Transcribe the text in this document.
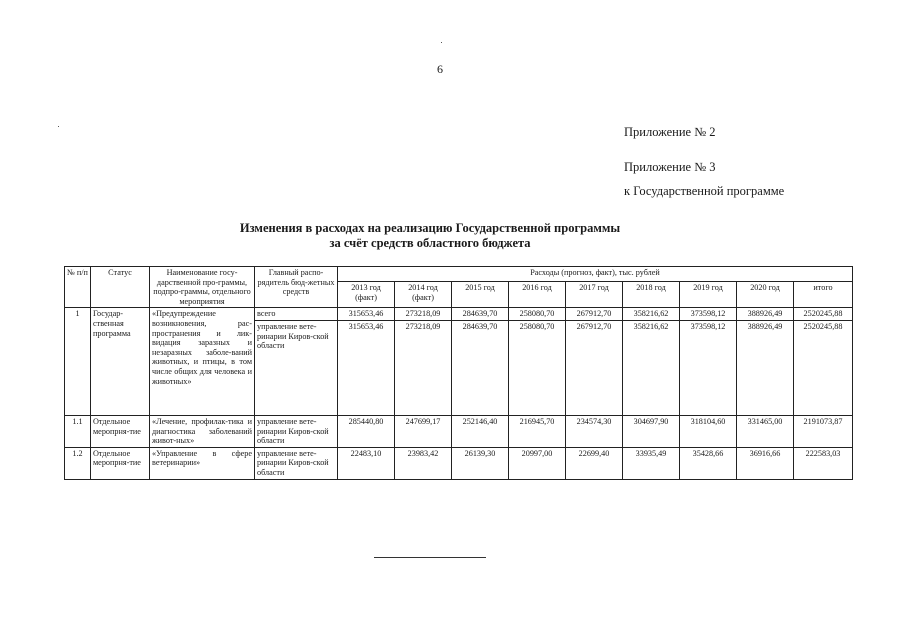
6
Приложение № 2
Приложение № 3
к Государственной программе
Изменения в расходах на реализацию Государственной программы
за счёт средств областного бюджета
№ п/п	Статус	Наименование госу-дарственной про-граммы, подпро-граммы, отдельного мероприятия	Главный распо-рядитель бюд-жетных средств	Расходы (прогноз, факт), тыс. рублей								
				2013 год (факт)	2014 год (факт)	2015 год	2016 год	2017 год	2018 год	2019 год	2020 год	итого
1	Государ-ственная программа	«Предупреждение возникновения, рас-пространения и лик-видация заразных и незаразных заболе-ваний животных, и птицы, в том числе общих для человека и животных»	всего	315653,46	273218,09	284639,70	258080,70	267912,70	358216,62	373598,12	388926,49	2520245,88
			управление вете-ринарии Киров-ской области	315653,46	273218,09	284639,70	258080,70	267912,70	358216,62	373598,12	388926,49	2520245,88
1.1	Отдельное меропрня-тие	«Лечение, профилак-тика и диагностика заболеваний живот-ных»	управление вете-ринарии Киров-ской области	285440,80	247699,17	252146,40	216945,70	234574,30	304697,90	318104,60	331465,00	2191073,87
1.2	Отдельное меропрня-тие	«Управление в сфере ветеринарии»	управление вете-ринарии Киров-ской области	22483,10	23983,42	26139,30	20997,00	22699,40	33935,49	35428,66	36916,66	222583,03
